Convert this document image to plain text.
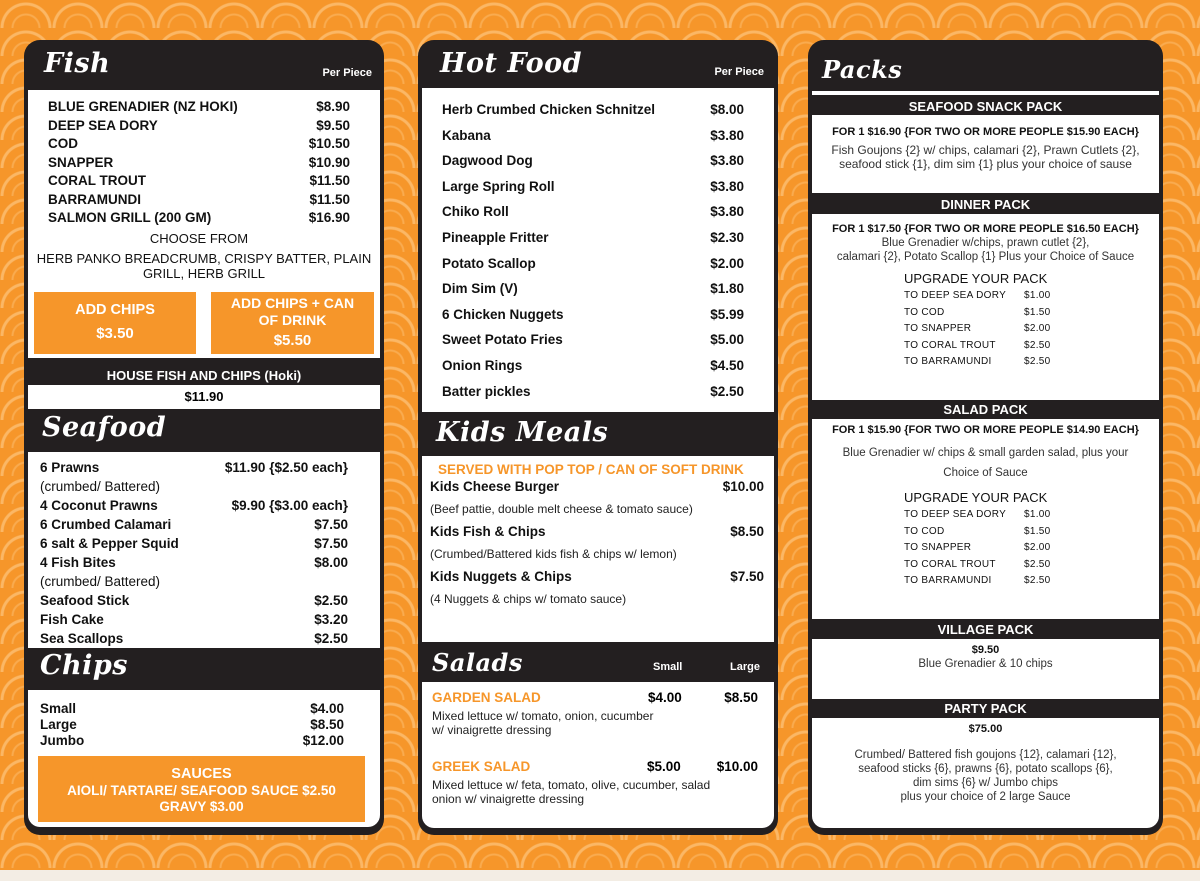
Fish	Per Piece
BLUE GRENADIER (NZ HOKI)	$8.90
DEEP SEA DORY	$9.50
COD	$10.50
SNAPPER	$10.90
CORAL TROUT	$11.50
BARRAMUNDI	$11.50
SALMON GRILL (200 GM)	$16.90
CHOOSE FROM
HERB PANKO BREADCRUMB, CRISPY BATTER, PLAIN GRILL, HERB GRILL
ADD CHIPS
$3.50
ADD CHIPS + CAN OF DRINK
$5.50
HOUSE FISH AND CHIPS (Hoki)
$11.90
Seafood
6 Prawns	$11.90 {$2.50 each}
(crumbed/ Battered)
4 Coconut Prawns	$9.90 {$3.00 each}
6 Crumbed Calamari	$7.50
6 salt & Pepper Squid	$7.50
4 Fish Bites	$8.00
(crumbed/ Battered)
Seafood Stick	$2.50
Fish Cake	$3.20
Sea Scallops	$2.50
Chips
Small	$4.00
Large	$8.50
Jumbo	$12.00
SAUCES
AIOLI/ TARTARE/ SEAFOOD SAUCE $2.50
GRAVY $3.00
Hot Food	Per Piece
Herb Crumbed Chicken Schnitzel	$8.00
Kabana	$3.80
Dagwood Dog	$3.80
Large Spring Roll	$3.80
Chiko Roll	$3.80
Pineapple Fritter	$2.30
Potato Scallop	$2.00
Dim Sim (V)	$1.80
6 Chicken Nuggets	$5.99
Sweet Potato Fries	$5.00
Onion Rings	$4.50
Batter pickles	$2.50
Kids Meals
SERVED WITH POP TOP / CAN OF SOFT DRINK
Kids Cheese Burger	$10.00
(Beef pattie, double melt cheese & tomato sauce)
Kids Fish & Chips	$8.50
(Crumbed/Battered kids fish & chips w/ lemon)
Kids Nuggets & Chips	$7.50
(4 Nuggets & chips w/ tomato sauce)
Salads	Small	Large
GARDEN SALAD	$4.00	$8.50
Mixed lettuce w/ tomato, onion, cucumber
w/ vinaigrette dressing
GREEK SALAD	$5.00	$10.00
Mixed lettuce w/ feta, tomato, olive, cucumber, salad
onion w/ vinaigrette dressing
Packs
SEAFOOD SNACK PACK
FOR 1 $16.90 {FOR TWO OR MORE PEOPLE $15.90 EACH}
Fish Goujons {2} w/ chips, calamari {2}, Prawn Cutlets {2},
seafood stick {1}, dim sim {1} plus your choice of sause
DINNER PACK
FOR 1 $17.50 {FOR TWO OR MORE PEOPLE $16.50 EACH}
Blue Grenadier w/chips, prawn cutlet {2},
calamari {2}, Potato Scallop {1} Plus your Choice of Sauce
UPGRADE YOUR PACK
TO DEEP SEA DORY	$1.00
TO COD	$1.50
TO SNAPPER	$2.00
TO CORAL TROUT	$2.50
TO BARRAMUNDI	$2.50
SALAD PACK
FOR 1 $15.90 {FOR TWO OR MORE PEOPLE $14.90 EACH}
Blue Grenadier w/ chips & small garden salad, plus your
Choice of Sauce
UPGRADE YOUR PACK
TO DEEP SEA DORY	$1.00
TO COD	$1.50
TO SNAPPER	$2.00
TO CORAL TROUT	$2.50
TO BARRAMUNDI	$2.50
VILLAGE PACK
$9.50
Blue Grenadier & 10 chips
PARTY PACK
$75.00
Crumbed/ Battered fish goujons {12}, calamari {12},
seafood sticks {6}, prawns {6}, potato scallops {6},
dim sims {6} w/ Jumbo chips
plus your choice of 2 large Sauce
